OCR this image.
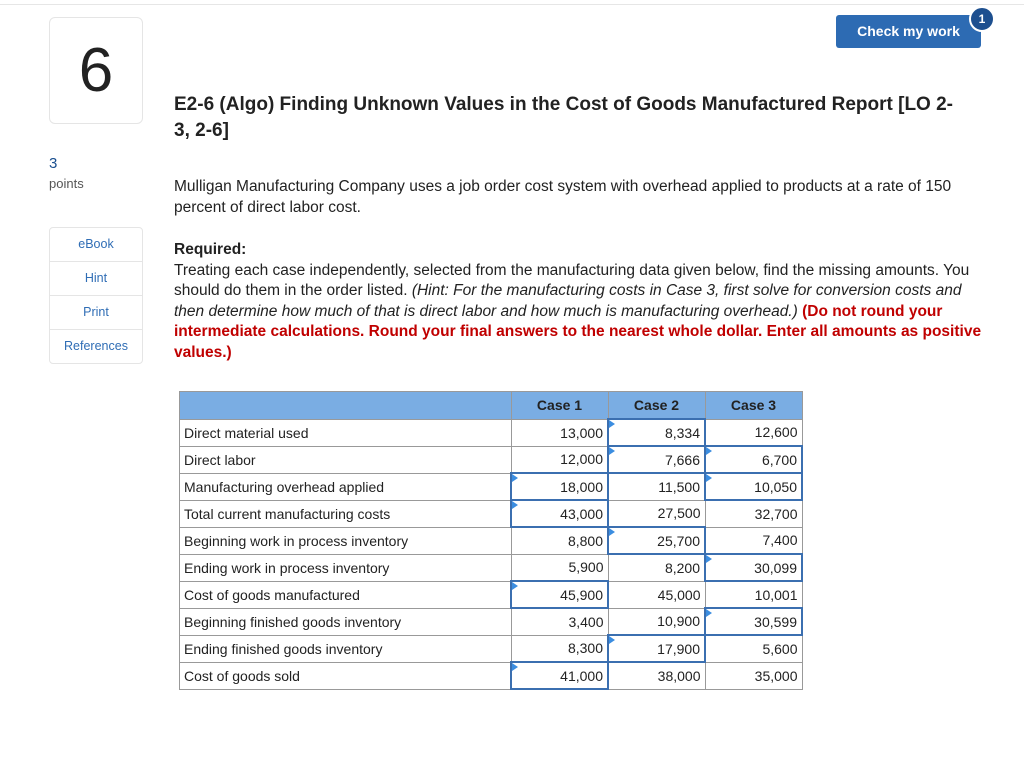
6
3
points
eBook
Hint
Print
References
Check my work
1
E2-6 (Algo) Finding Unknown Values in the Cost of Goods Manufactured Report [LO 2-3, 2-6]
Mulligan Manufacturing Company uses a job order cost system with overhead applied to products at a rate of 150 percent of direct labor cost.
Required:
Treating each case independently, selected from the manufacturing data given below, find the missing amounts. You should do them in the order listed. (Hint: For the manufacturing costs in Case 3, first solve for conversion costs and then determine how much of that is direct labor and how much is manufacturing overhead.) (Do not round your intermediate calculations. Round your final answers to the nearest whole dollar. Enter all amounts as positive values.)
	Case 1	Case 2	Case 3
Direct material used	13,000	8,334	12,600
Direct labor	12,000	7,666	6,700
Manufacturing overhead applied	18,000	11,500	10,050
Total current manufacturing costs	43,000	27,500	32,700
Beginning work in process inventory	8,800	25,700	7,400
Ending work in process inventory	5,900	8,200	30,099
Cost of goods manufactured	45,900	45,000	10,001
Beginning finished goods inventory	3,400	10,900	30,599
Ending finished goods inventory	8,300	17,900	5,600
Cost of goods sold	41,000	38,000	35,000
